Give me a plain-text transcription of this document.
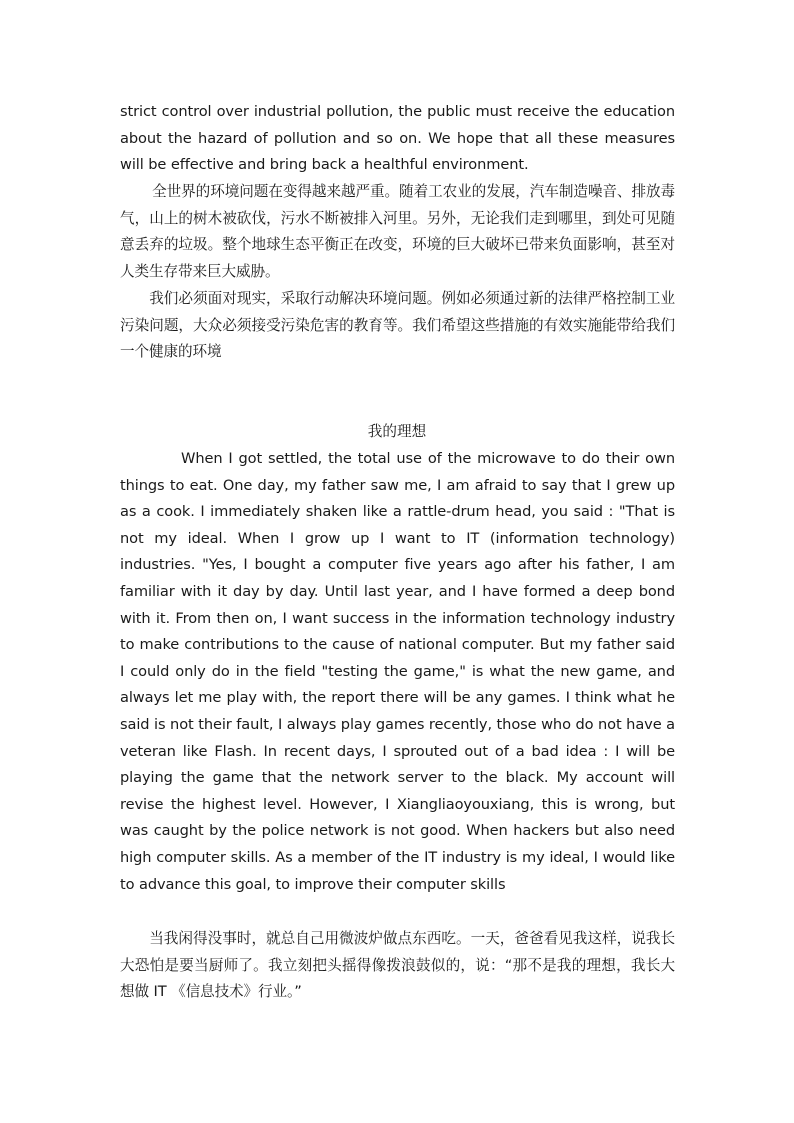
strict control over industrial pollution, the public must receive the education about the hazard of pollution and so on. We hope that all these measures will be effective and bring back a healthful environment.

全世界的环境问题在变得越来越严重。随着工农业的发展，汽车制造噪音、排放毒气，山上的树木被砍伐，污水不断被排入河里。另外，无论我们走到哪里，到处可见随意丢弃的垃圾。整个地球生态平衡正在改变，环境的巨大破坏已带来负面影响，甚至对人类生存带来巨大威胁。

我们必须面对现实，采取行动解决环境问题。例如必须通过新的法律严格控制工业污染问题，大众必须接受污染危害的教育等。我们希望这些措施的有效实施能带给我们一个健康的环境

我的理想

When I got settled, the total use of the microwave to do their own things to eat. One day, my father saw me, I am afraid to say that I grew up as a cook. I immediately shaken like a rattle-drum head, you said : "That is not my ideal. When I grow up I want to IT (information technology) industries. "Yes, I bought a computer five years ago after his father, I am familiar with it day by day. Until last year, and I have formed a deep bond with it. From then on, I want success in the information technology industry to make contributions to the cause of national computer. But my father said I could only do in the field "testing the game," is what the new game, and always let me play with, the report there will be any games. I think what he said is not their fault, I always play games recently, those who do not have a veteran like Flash. In recent days, I sprouted out of a bad idea : I will be playing the game that the network server to the black. My account will revise the highest level. However, I Xiangliaoyouxiang, this is wrong, but was caught by the police network is not good. When hackers but also need high computer skills. As a member of the IT industry is my ideal, I would like to advance this goal, to improve their computer skills

当我闲得没事时，就总自己用微波炉做点东西吃。一天，爸爸看见我这样，说我长大恐怕是要当厨师了。我立刻把头摇得像拨浪鼓似的，说：“那不是我的理想，我长大想做 IT 《信息技术》行业。”
